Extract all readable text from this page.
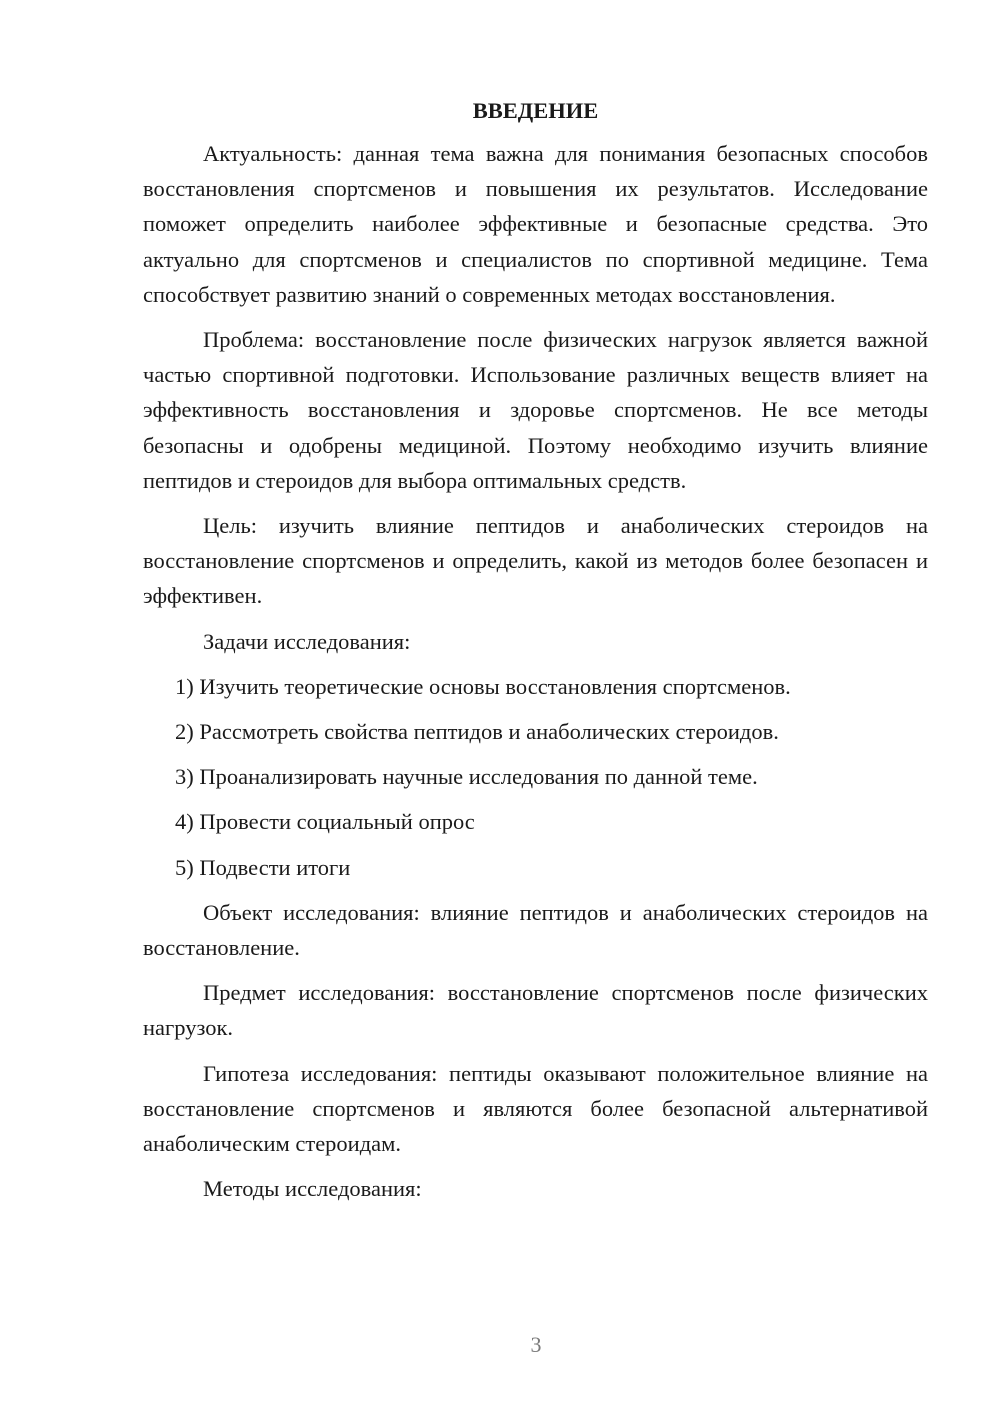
ВВЕДЕНИЕ

Актуальность: данная тема важна для понимания безопасных способов восстановления спортсменов и повышения их результатов. Исследование поможет определить наиболее эффективные и безопасные средства. Это актуально для спортсменов и специалистов по спортивной медицине. Тема способствует развитию знаний о современных методах восстановления.

Проблема: восстановление после физических нагрузок является важной частью спортивной подготовки. Использование различных веществ влияет на эффективность восстановления и здоровье спортсменов. Не все методы безопасны и одобрены медициной. Поэтому необходимо изучить влияние пептидов и стероидов для выбора оптимальных средств.

Цель: изучить влияние пептидов и анаболических стероидов на восстановление спортсменов и определить, какой из методов более безопасен и эффективен.

Задачи исследования:

1) Изучить теоретические основы восстановления спортсменов.
2) Рассмотреть свойства пептидов и анаболических стероидов.
3) Проанализировать научные исследования по данной теме.
4) Провести социальный опрос
5) Подвести итоги

Объект исследования: влияние пептидов и анаболических стероидов на восстановление.

Предмет исследования: восстановление спортсменов после физических нагрузок.

Гипотеза исследования: пептиды оказывают положительное влияние на восстановление спортсменов и являются более безопасной альтернативой анаболическим стероидам.

Методы исследования:

3
